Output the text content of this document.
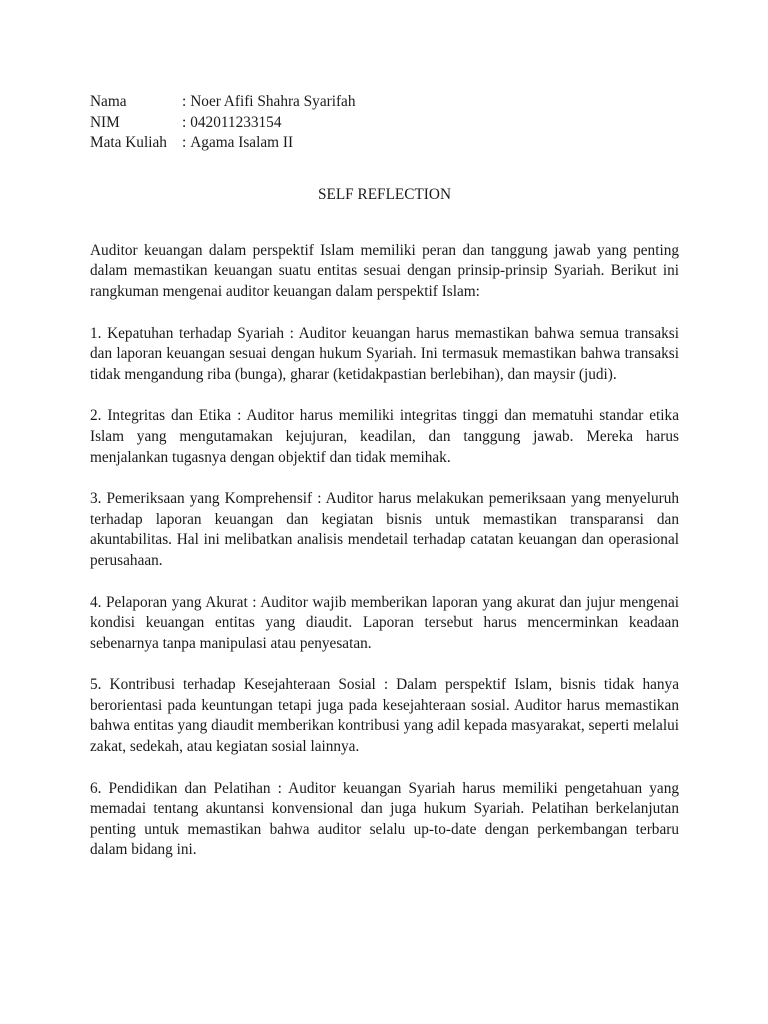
Nama	: Noer Afifi Shahra Syarifah
NIM	: 042011233154
Mata Kuliah : Agama Isalam II
SELF REFLECTION

Auditor keuangan dalam perspektif Islam memiliki peran dan tanggung jawab yang penting dalam memastikan keuangan suatu entitas sesuai dengan prinsip-prinsip Syariah. Berikut ini rangkuman mengenai auditor keuangan dalam perspektif Islam:

1. Kepatuhan terhadap Syariah : Auditor keuangan harus memastikan bahwa semua transaksi dan laporan keuangan sesuai dengan hukum Syariah. Ini termasuk memastikan bahwa transaksi tidak mengandung riba (bunga), gharar (ketidakpastian berlebihan), dan maysir (judi).

2. Integritas dan Etika : Auditor harus memiliki integritas tinggi dan mematuhi standar etika Islam yang mengutamakan kejujuran, keadilan, dan tanggung jawab. Mereka harus menjalankan tugasnya dengan objektif dan tidak memihak.

3. Pemeriksaan yang Komprehensif : Auditor harus melakukan pemeriksaan yang menyeluruh terhadap laporan keuangan dan kegiatan bisnis untuk memastikan transparansi dan akuntabilitas. Hal ini melibatkan analisis mendetail terhadap catatan keuangan dan operasional perusahaan.

4. Pelaporan yang Akurat : Auditor wajib memberikan laporan yang akurat dan jujur mengenai kondisi keuangan entitas yang diaudit. Laporan tersebut harus mencerminkan keadaan sebenarnya tanpa manipulasi atau penyesatan.

5. Kontribusi terhadap Kesejahteraan Sosial : Dalam perspektif Islam, bisnis tidak hanya berorientasi pada keuntungan tetapi juga pada kesejahteraan sosial. Auditor harus memastikan bahwa entitas yang diaudit memberikan kontribusi yang adil kepada masyarakat, seperti melalui zakat, sedekah, atau kegiatan sosial lainnya.

6. Pendidikan dan Pelatihan : Auditor keuangan Syariah harus memiliki pengetahuan yang memadai tentang akuntansi konvensional dan juga hukum Syariah. Pelatihan berkelanjutan penting untuk memastikan bahwa auditor selalu up-to-date dengan perkembangan terbaru dalam bidang ini.
